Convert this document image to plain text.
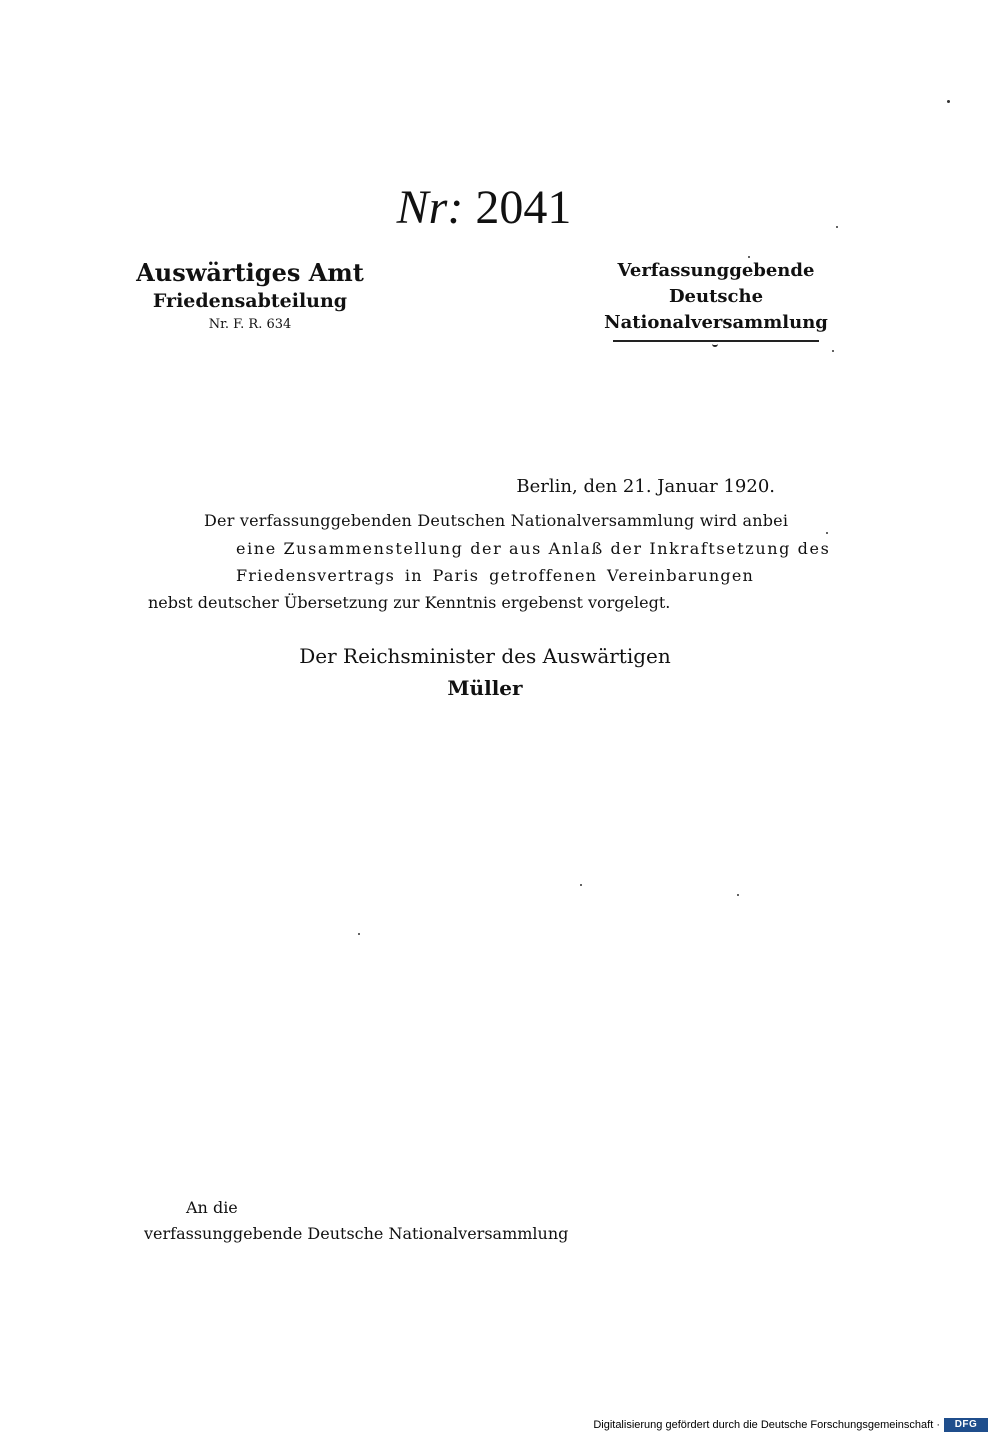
Nr: 2041
Auswärtiges Amt
Friedensabteilung
Nr. F. R. 634
Verfassunggebende
Deutsche
Nationalversammlung
Berlin, den 21. Januar 1920.
Der verfassunggebenden Deutschen Nationalversammlung wird anbei
eine Zusammenstellung der aus Anlaß der Inkraftsetzung des
Friedensvertrags in Paris getroffenen Vereinbarungen
nebst deutscher Übersetzung zur Kenntnis ergebenst vorgelegt.
Der Reichsminister des Auswärtigen
Müller
An die
verfassunggebende Deutsche Nationalversammlung
Digitalisierung gefördert durch die Deutsche Forschungsgemeinschaft ·	DFG
